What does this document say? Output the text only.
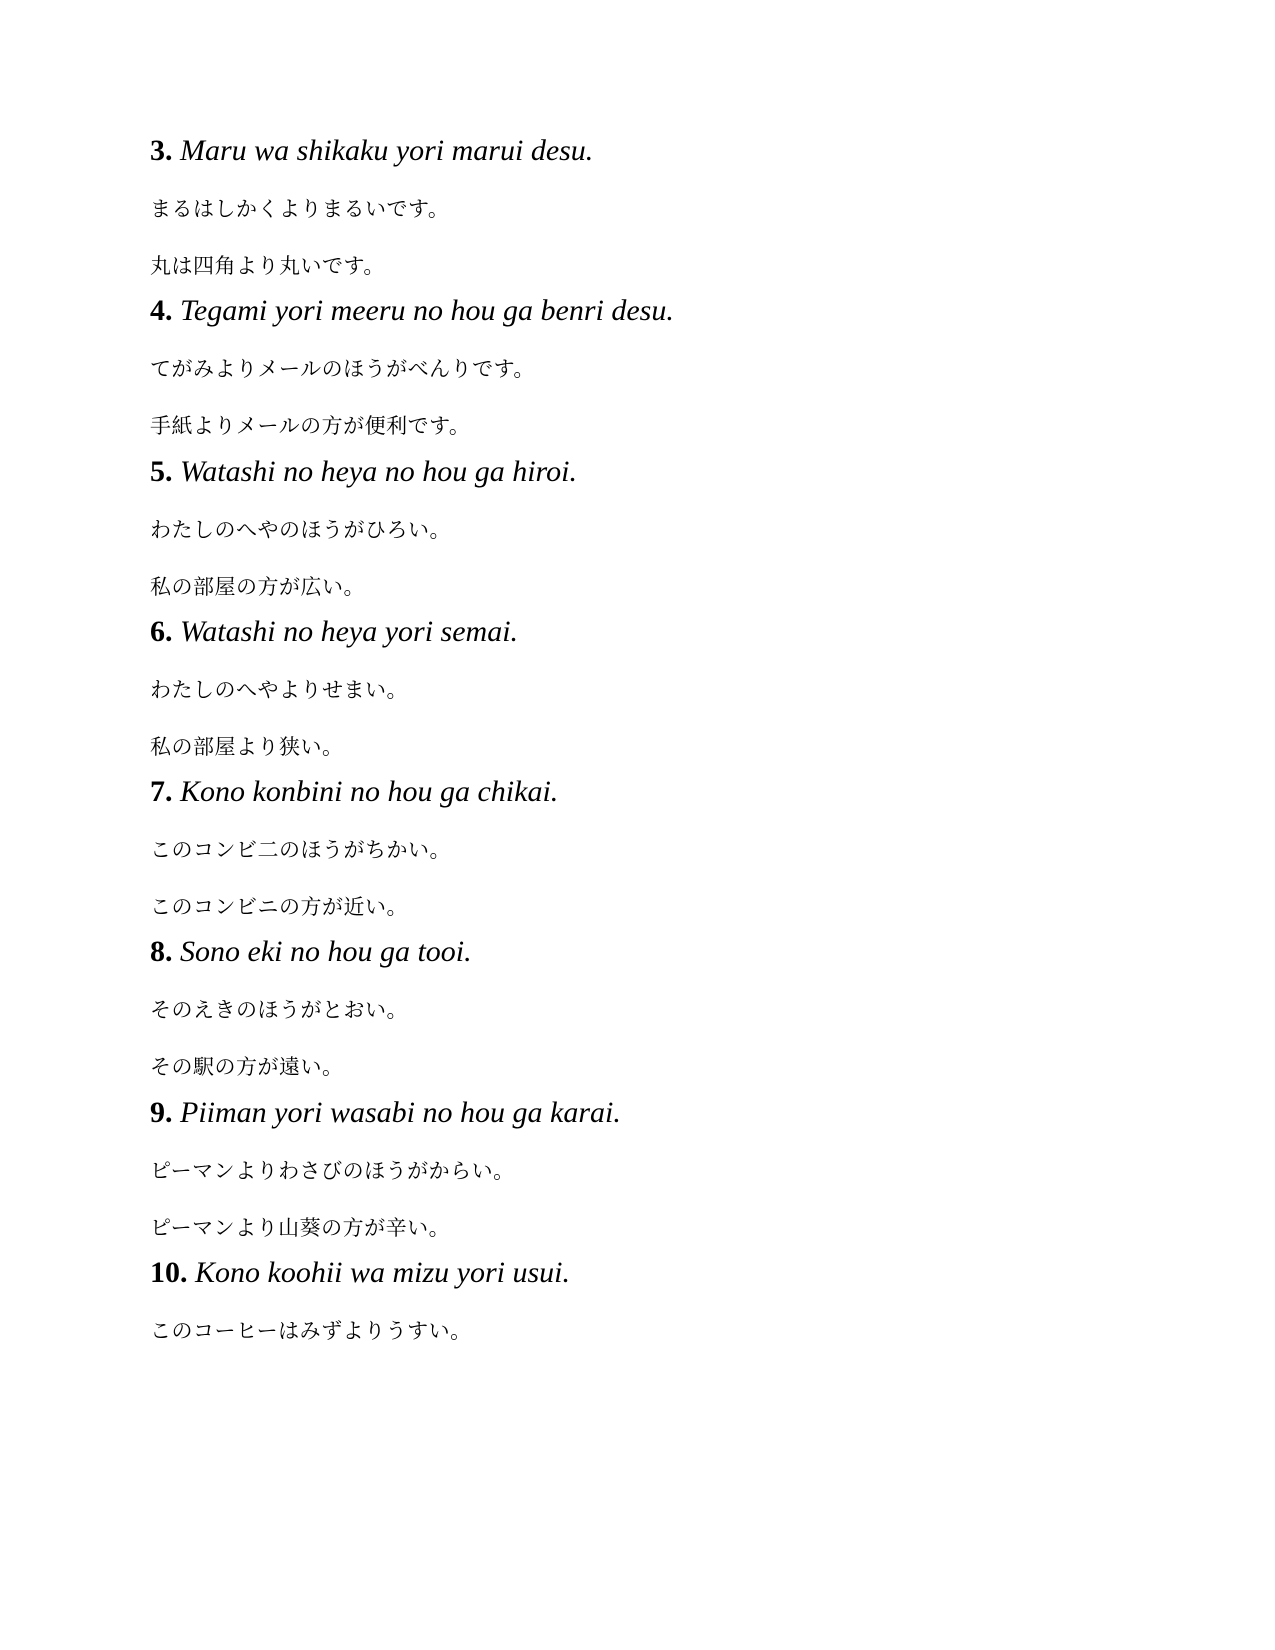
3. Maru wa shikaku yori marui desu.
まるはしかくよりまるいです。
丸は四角より丸いです。
4. Tegami yori meeru no hou ga benri desu.
てがみよりメールのほうがべんりです。
手紙よりメールの方が便利です。
5. Watashi no heya no hou ga hiroi.
わたしのへやのほうがひろい。
私の部屋の方が広い。
6. Watashi no heya yori semai.
わたしのへやよりせまい。
私の部屋より狭い。
7. Kono konbini no hou ga chikai.
このコンビ二のほうがちかい。
このコンビニの方が近い。
8. Sono eki no hou ga tooi.
そのえきのほうがとおい。
その駅の方が遠い。
9. Piiman yori wasabi no hou ga karai.
ピーマンよりわさびのほうがからい。
ピーマンより山葵の方が辛い。
10. Kono koohii wa mizu yori usui.
このコーヒーはみずよりうすい。
